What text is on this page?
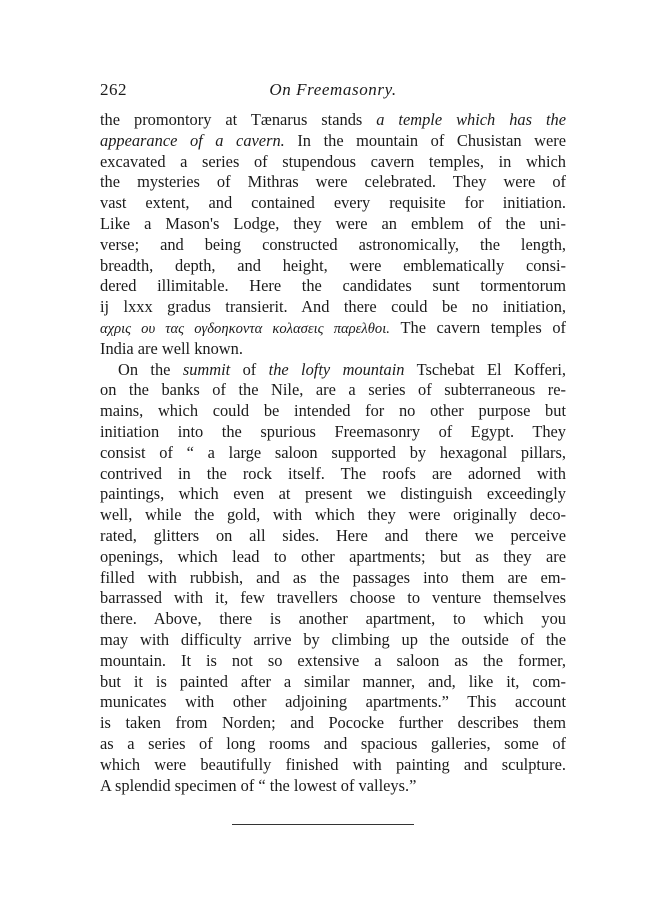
262	On Freemasonry.
the promontory at Tænarus stands a temple which has the
appearance of a cavern. In the mountain of Chusistan were
excavated a series of stupendous cavern temples, in which
the mysteries of Mithras were celebrated. They were of
vast extent, and contained every requisite for initiation.
Like a Mason's Lodge, they were an emblem of the uni-
verse; and being constructed astronomically, the length,
breadth, depth, and height, were emblematically consi-
dered illimitable. Here the candidates sunt tormentorum
ij lxxx gradus transierit. And there could be no initiation,
αχρις ου τας ογδοηκοντα κολασεις παρελθοι. The cavern temples of
India are well known.
On the summit of the lofty mountain Tschebat El Kofferi,
on the banks of the Nile, are a series of subterraneous re-
mains, which could be intended for no other purpose but
initiation into the spurious Freemasonry of Egypt. They
consist of “ a large saloon supported by hexagonal pillars,
contrived in the rock itself. The roofs are adorned with
paintings, which even at present we distinguish exceedingly
well, while the gold, with which they were originally deco-
rated, glitters on all sides. Here and there we perceive
openings, which lead to other apartments; but as they are
filled with rubbish, and as the passages into them are em-
barrassed with it, few travellers choose to venture themselves
there. Above, there is another apartment, to which you
may with difficulty arrive by climbing up the outside of the
mountain. It is not so extensive a saloon as the former,
but it is painted after a similar manner, and, like it, com-
municates with other adjoining apartments.” This account
is taken from Norden; and Pococke further describes them
as a series of long rooms and spacious galleries, some of
which were beautifully finished with painting and sculpture.
A splendid specimen of “ the lowest of valleys.”
